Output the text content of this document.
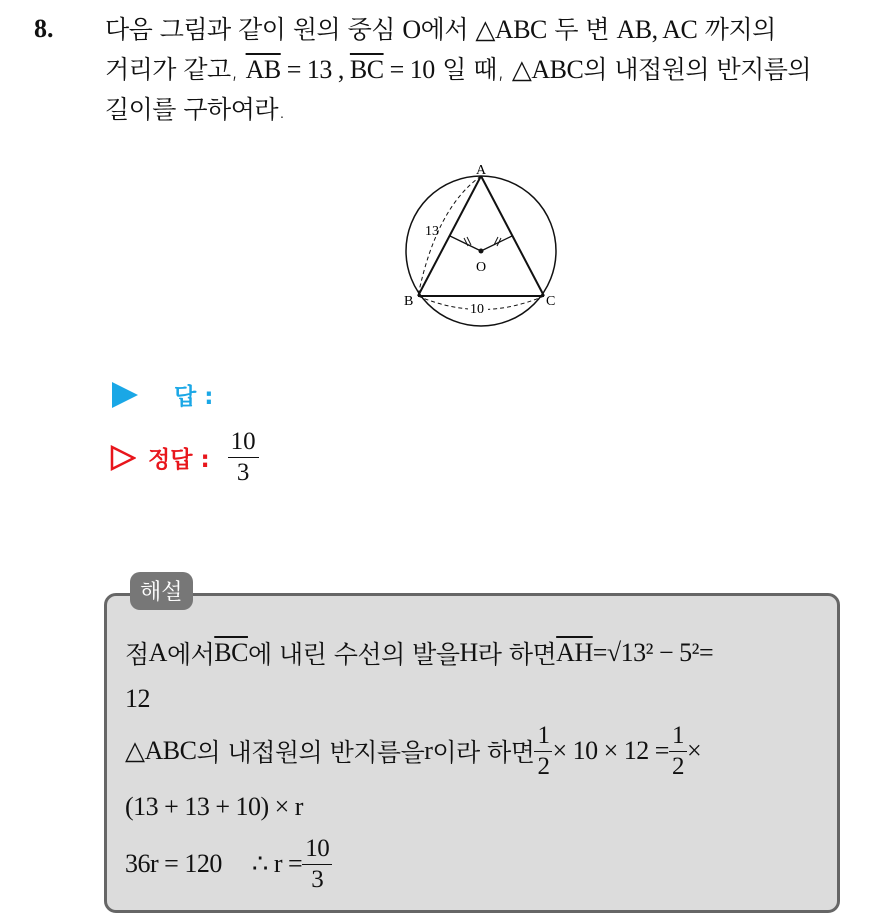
8. 다음 그림과 같이 원의 중심 O에서 △ABC 두 변 AB, AC 까지의
거리가 같고, $\overline{AB} = 13$ , $\overline{BC} = 10$ 일 때, △ABC의 내접원의 반지름의
길이를 구하여라.
A
B	C
O
13
10
답 :
정답 : $\frac{10}{3}$
해설
점 A 에서 $\overline{BC}$ 에 내린 수선의 발을 H 라 하면 $\overline{AH} = √13^2 - 5^2$ =
12
△ABC 의 내접원의 반지름을 r 이라 하면 $\frac{1}{2} \times 10 \times 12 = \frac{1}{2}$ ×
(13 + 13 + 10) × r
36r = 120 ∴ $r = \frac{10}{3}$
